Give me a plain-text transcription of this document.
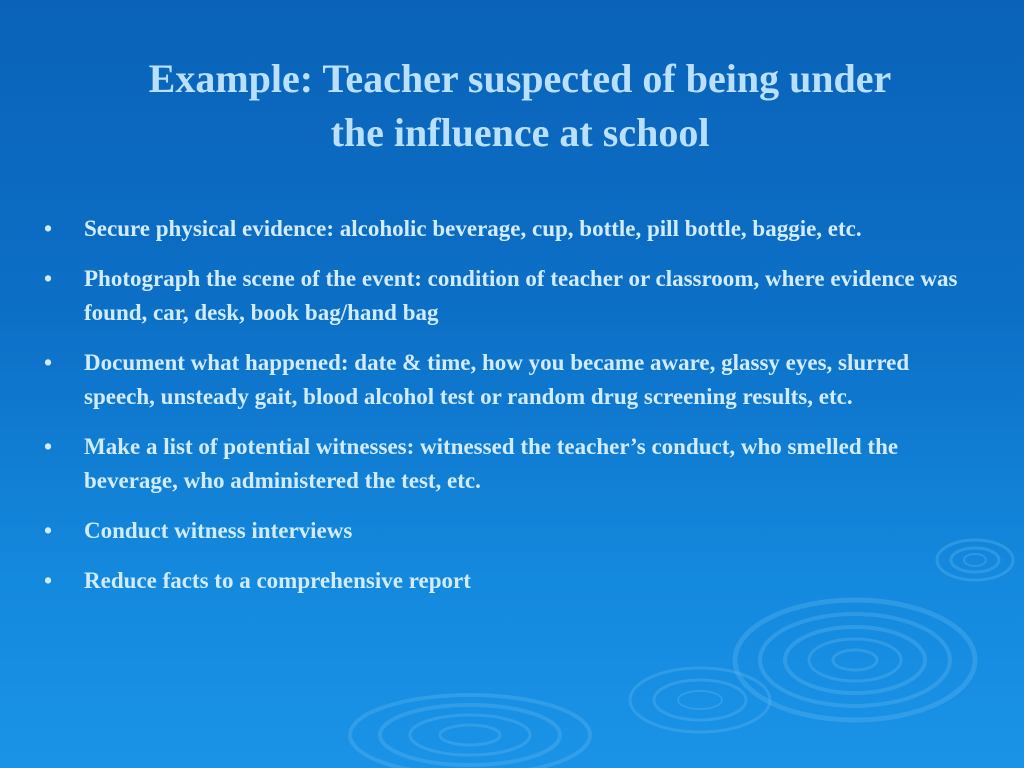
Example: Teacher suspected of being under
the influence at school
• Secure physical evidence: alcoholic beverage, cup, bottle, pill bottle, baggie, etc.
• Photograph the scene of the event: condition of teacher or classroom, where evidence was found, car, desk, book bag/hand bag
• Document what happened: date & time, how you became aware, glassy eyes, slurred speech, unsteady gait, blood alcohol test or random drug screening results, etc.
• Make a list of potential witnesses: witnessed the teacher’s conduct, who smelled the beverage, who administered the test, etc.
• Conduct witness interviews
• Reduce facts to a comprehensive report
